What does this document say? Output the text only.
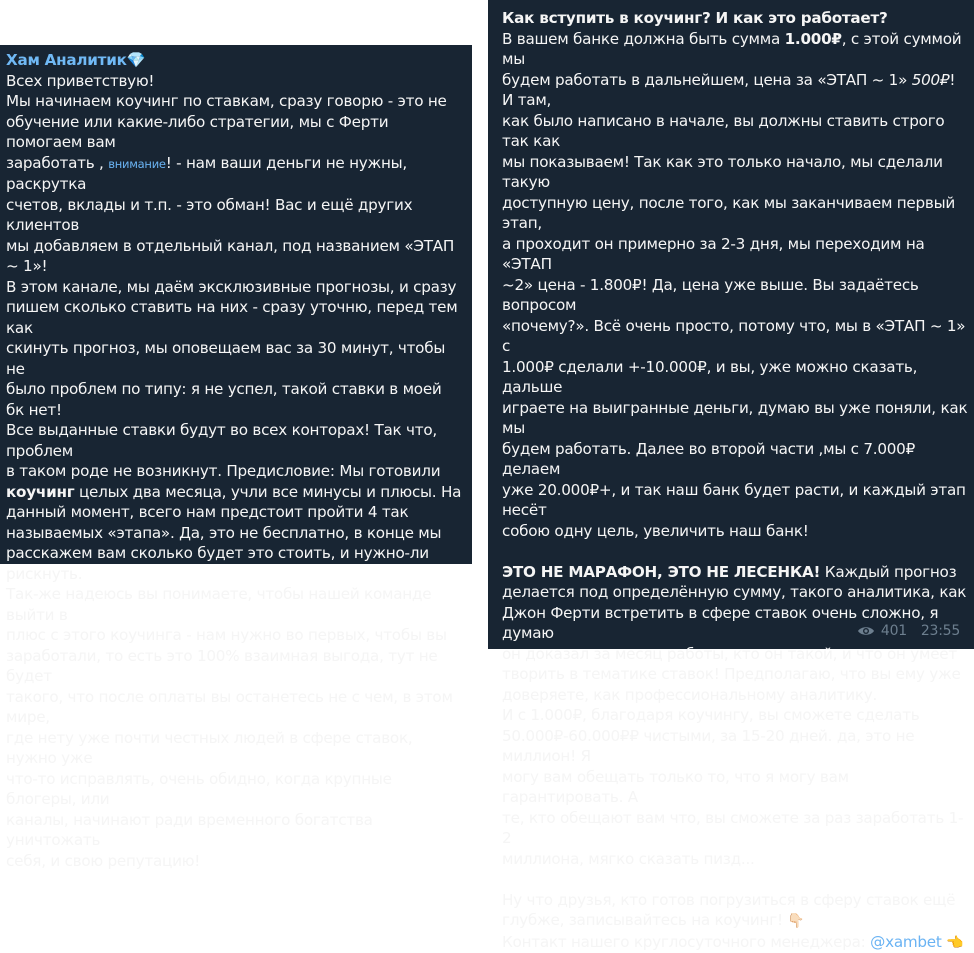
Хам Аналитик💎

Всех приветствую!

Мы начинаем коучинг по ставкам, сразу говорю - это не

обучение или какие-либо стратегии, мы с Ферти помогаем вам

заработать , внимание! - нам ваши деньги не нужны, раскрутка

счетов, вклады и т.п. - это обман! Вас и ещё других клиентов

мы добавляем в отдельный канал, под названием «ЭТАП ~ 1»!

В этом канале, мы даём эксклюзивные прогнозы, и сразу

пишем сколько ставить на них - сразу уточню, перед тем как

скинуть прогноз, мы оповещаем вас за 30 минут, чтобы не

было проблем по типу: я не успел, такой ставки в моей бк нет!

Все выданные ставки будут во всех конторах! Так что, проблем

в таком роде не возникнут. Предисловие: Мы готовили

коучинг целых два месяца, учли все минусы и плюсы. На

данный момент, всего нам предстоит пройти 4 так

называемых «этапа». Да, это не бесплатно, в конце мы

расскажем вам сколько будет это стоить, и нужно-ли рискнуть.

Так-же надеюсь вы понимаете, чтобы нашей команде выйти в

плюс с этого коучинга - нам нужно во первых, чтобы вы

заработали, то есть это 100% взаимная выгода, тут не будет

такого, что после оплаты вы останетесь не с чем, в этом мире,

где нету уже почти честных людей в сфере ставок, нужно уже

что-то исправлять, очень обидно, когда крупные блогеры, или

каналы, начинают ради временного богатства уничтожать

себя, и свою репутацию!

Как вступить в коучинг? И как это работает?

В вашем банке должна быть сумма 1.000₽, с этой суммой мы

будем работать в дальнейшем, цена за «ЭТАП ~ 1» 500₽! И там,

как было написано в начале, вы должны ставить строго так как

мы показываем! Так как это только начало, мы сделали такую

доступную цену, после того, как мы заканчиваем первый этап,

а проходит он примерно за 2-3 дня, мы переходим на «ЭТАП

~2» цена - 1.800₽! Да, цена уже выше. Вы задаётесь вопросом

«почему?». Всё очень просто, потому что, мы в «ЭТАП ~ 1» с

1.000₽ сделали +-10.000₽, и вы, уже можно сказать, дальше

играете на выигранные деньги, думаю вы уже поняли, как мы

будем работать. Далее во второй части ,мы с 7.000₽ делаем

уже 20.000₽+, и так наш банк будет расти, и каждый этап несёт

собою одну цель, увеличить наш банк!

ЭТО НЕ МАРАФОН, ЭТО НЕ ЛЕСЕНКА! Каждый прогноз

делается под определённую сумму, такого аналитика, как

Джон Ферти встретить в сфере ставок очень сложно, я думаю

он доказал за месяц работы, кто он такой, и что он умеет

творить в тематике ставок! Предполагаю, что вы ему уже

доверяете, как профессиональному аналитику.

И с 1.000₽, благодаря коучингу, вы сможете сделать

50.000₽-60.000₽₽ чистыми, за 15-20 дней. да, это не миллион! Я

могу вам обещать только то, что я могу вам гарантировать. А

те, кто обещают вам что, вы сможете за раз заработать 1-2

миллиона, мягко сказать пизд...

Ну что друзья, кто готов погрузиться в сферу ставок ещё

глубже, записывайтесь на коучинг! 👇🏻

Контакт нашего круглосуточного менеджера: @xambet 👈

401 23:55
